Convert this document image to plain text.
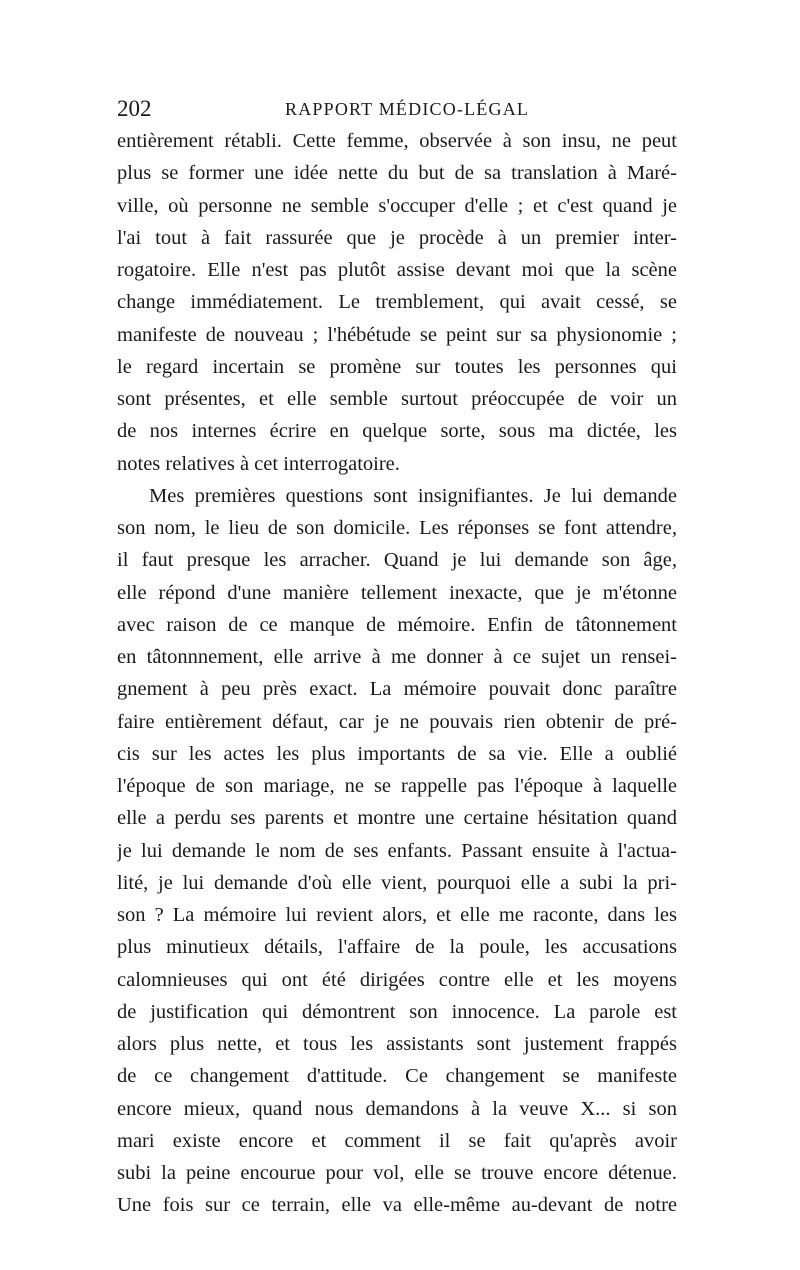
202	RAPPORT MÉDICO-LÉGAL
entièrement rétabli. Cette femme, observée à son insu, ne peut
plus se former une idée nette du but de sa translation à Maré-
ville, où personne ne semble s'occuper d'elle ; et c'est quand je
l'ai tout à fait rassurée que je procède à un premier inter-
rogatoire. Elle n'est pas plutôt assise devant moi que la scène
change immédiatement. Le tremblement, qui avait cessé, se
manifeste de nouveau ; l'hébétude se peint sur sa physionomie ;
le regard incertain se promène sur toutes les personnes qui
sont présentes, et elle semble surtout préoccupée de voir un
de nos internes écrire en quelque sorte, sous ma dictée, les
notes relatives à cet interrogatoire.
Mes premières questions sont insignifiantes. Je lui demande
son nom, le lieu de son domicile. Les réponses se font attendre,
il faut presque les arracher. Quand je lui demande son âge,
elle répond d'une manière tellement inexacte, que je m'étonne
avec raison de ce manque de mémoire. Enfin de tâtonnement
en tâtonnnement, elle arrive à me donner à ce sujet un rensei-
gnement à peu près exact. La mémoire pouvait donc paraître
faire entièrement défaut, car je ne pouvais rien obtenir de pré-
cis sur les actes les plus importants de sa vie. Elle a oublié
l'époque de son mariage, ne se rappelle pas l'époque à laquelle
elle a perdu ses parents et montre une certaine hésitation quand
je lui demande le nom de ses enfants. Passant ensuite à l'actua-
lité, je lui demande d'où elle vient, pourquoi elle a subi la pri-
son ? La mémoire lui revient alors, et elle me raconte, dans les
plus minutieux détails, l'affaire de la poule, les accusations
calomnieuses qui ont été dirigées contre elle et les moyens
de justification qui démontrent son innocence. La parole est
alors plus nette, et tous les assistants sont justement frappés
de ce changement d'attitude. Ce changement se manifeste
encore mieux, quand nous demandons à la veuve X... si son
mari existe encore et comment il se fait qu'après avoir
subi la peine encourue pour vol, elle se trouve encore détenue.
Une fois sur ce terrain, elle va elle-même au-devant de notre
